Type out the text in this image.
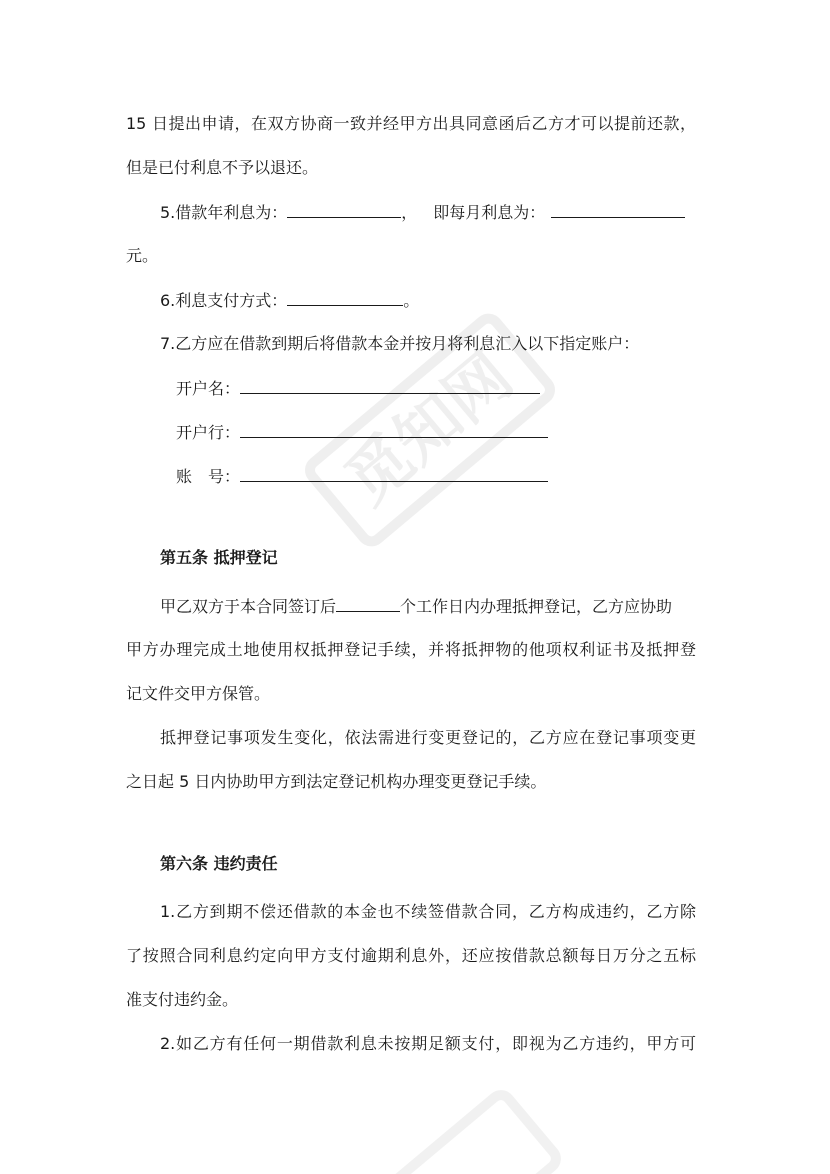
觅知网
15 日提出申请，在双方协商一致并经甲方出具同意函后乙方才可以提前还款，
但是已付利息不予以退还。
5.借款年利息为：	， 即每月利息为：
元。
6.利息支付方式：	。
7.乙方应在借款到期后将借款本金并按月将利息汇入以下指定账户：
开户名：
开户行：
账　号：
第五条 抵押登记
甲乙双方于本合同签订后	个工作日内办理抵押登记，乙方应协助
甲方办理完成土地使用权抵押登记手续，并将抵押物的他项权利证书及抵押登
记文件交甲方保管。
抵押登记事项发生变化，依法需进行变更登记的，乙方应在登记事项变更
之日起 5 日内协助甲方到法定登记机构办理变更登记手续。
第六条 违约责任
1.乙方到期不偿还借款的本金也不续签借款合同，乙方构成违约，乙方除
了按照合同利息约定向甲方支付逾期利息外，还应按借款总额每日万分之五标
准支付违约金。
2.如乙方有任何一期借款利息未按期足额支付，即视为乙方违约，甲方可
